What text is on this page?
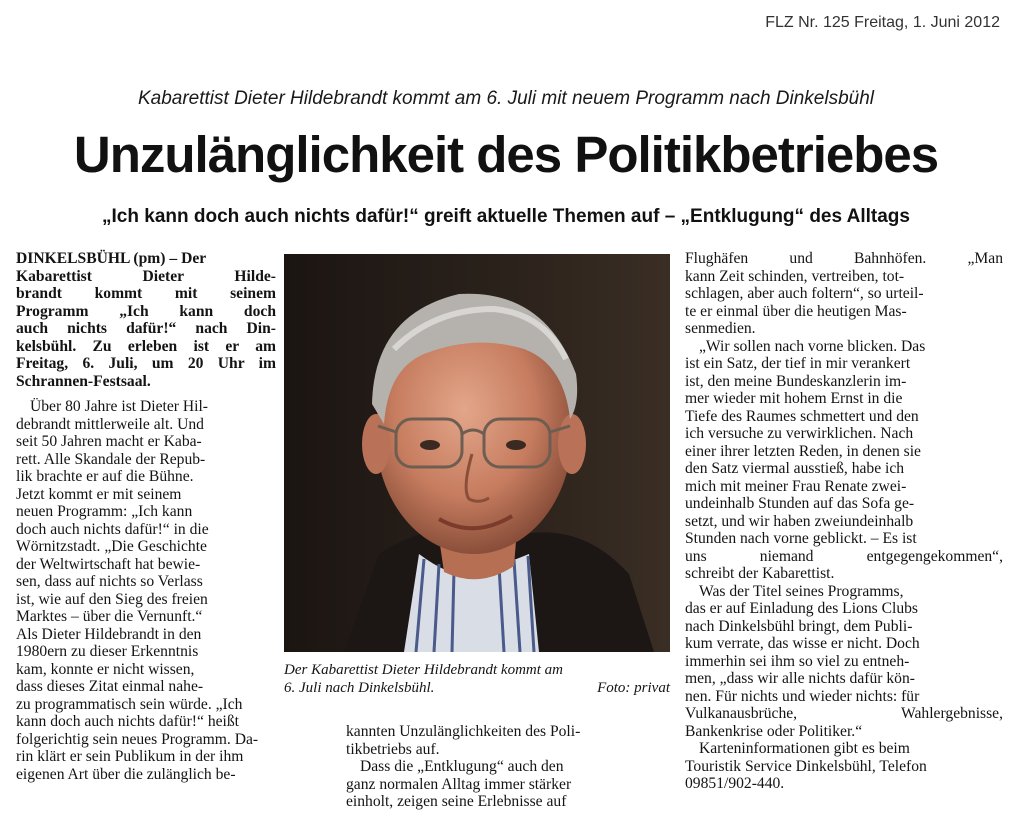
FLZ Nr. 125 Freitag, 1. Juni 2012
Kabarettist Dieter Hildebrandt kommt am 6. Juli mit neuem Programm nach Dinkelsbühl
Unzulänglichkeit des Politikbetriebes
„Ich kann doch auch nichts dafür!“ greift aktuelle Themen auf – „Entklugung“ des Alltags

DINKELSBÜHL (pm) – Der

Kabarettist Dieter Hilde-

brandt kommt mit seinem

Programm „Ich kann doch

auch nichts dafür!“ nach Din-

kelsbühl. Zu erleben ist er am

Freitag, 6. Juli, um 20 Uhr im

Schrannen-Festsaal.

Über 80 Jahre ist Dieter Hil-

debrandt mittlerweile alt. Und

seit 50 Jahren macht er Kaba-

rett. Alle Skandale der Repub-

lik brachte er auf die Bühne.

Jetzt kommt er mit seinem

neuen Programm: „Ich kann

doch auch nichts dafür!“ in die

Wörnitzstadt. „Die Geschichte

der Weltwirtschaft hat bewie-

sen, dass auf nichts so Verlass

ist, wie auf den Sieg des freien

Marktes – über die Vernunft.“

Als Dieter Hildebrandt in den

1980ern zu dieser Erkenntnis

kam, konnte er nicht wissen,

dass dieses Zitat einmal nahe-

zu programmatisch sein würde. „Ich

kann doch auch nichts dafür!“ heißt

folgerichtig sein neues Programm. Da-

rin klärt er sein Publikum in der ihm

eigenen Art über die zulänglich be-

Der Kabarettist Dieter Hildebrandt kommt am

6. Juli nach Dinkelsbühl.	Foto: privat

kannten Unzulänglichkeiten des Poli-

tikbetriebs auf.

Dass die „Entklugung“ auch den

ganz normalen Alltag immer stärker

einholt, zeigen seine Erlebnisse auf

Flughäfen und Bahnhöfen. „Man

kann Zeit schinden, vertreiben, tot-

schlagen, aber auch foltern“, so urteil-

te er einmal über die heutigen Mas-

senmedien.

„Wir sollen nach vorne blicken. Das

ist ein Satz, der tief in mir verankert

ist, den meine Bundeskanzlerin im-

mer wieder mit hohem Ernst in die

Tiefe des Raumes schmettert und den

ich versuche zu verwirklichen. Nach

einer ihrer letzten Reden, in denen sie

den Satz viermal ausstieß, habe ich

mich mit meiner Frau Renate zwei-

undeinhalb Stunden auf das Sofa ge-

setzt, und wir haben zweiundeinhalb

Stunden nach vorne geblickt. – Es ist

uns niemand entgegengekommen“,

schreibt der Kabarettist.

Was der Titel seines Programms,

das er auf Einladung des Lions Clubs

nach Dinkelsbühl bringt, dem Publi-

kum verrate, das wisse er nicht. Doch

immerhin sei ihm so viel zu entneh-

men, „dass wir alle nichts dafür kön-

nen. Für nichts und wieder nichts: für

Vulkanausbrüche, Wahlergebnisse,

Bankenkrise oder Politiker.“

Karteninformationen gibt es beim

Touristik Service Dinkelsbühl, Telefon

09851/902-440.
